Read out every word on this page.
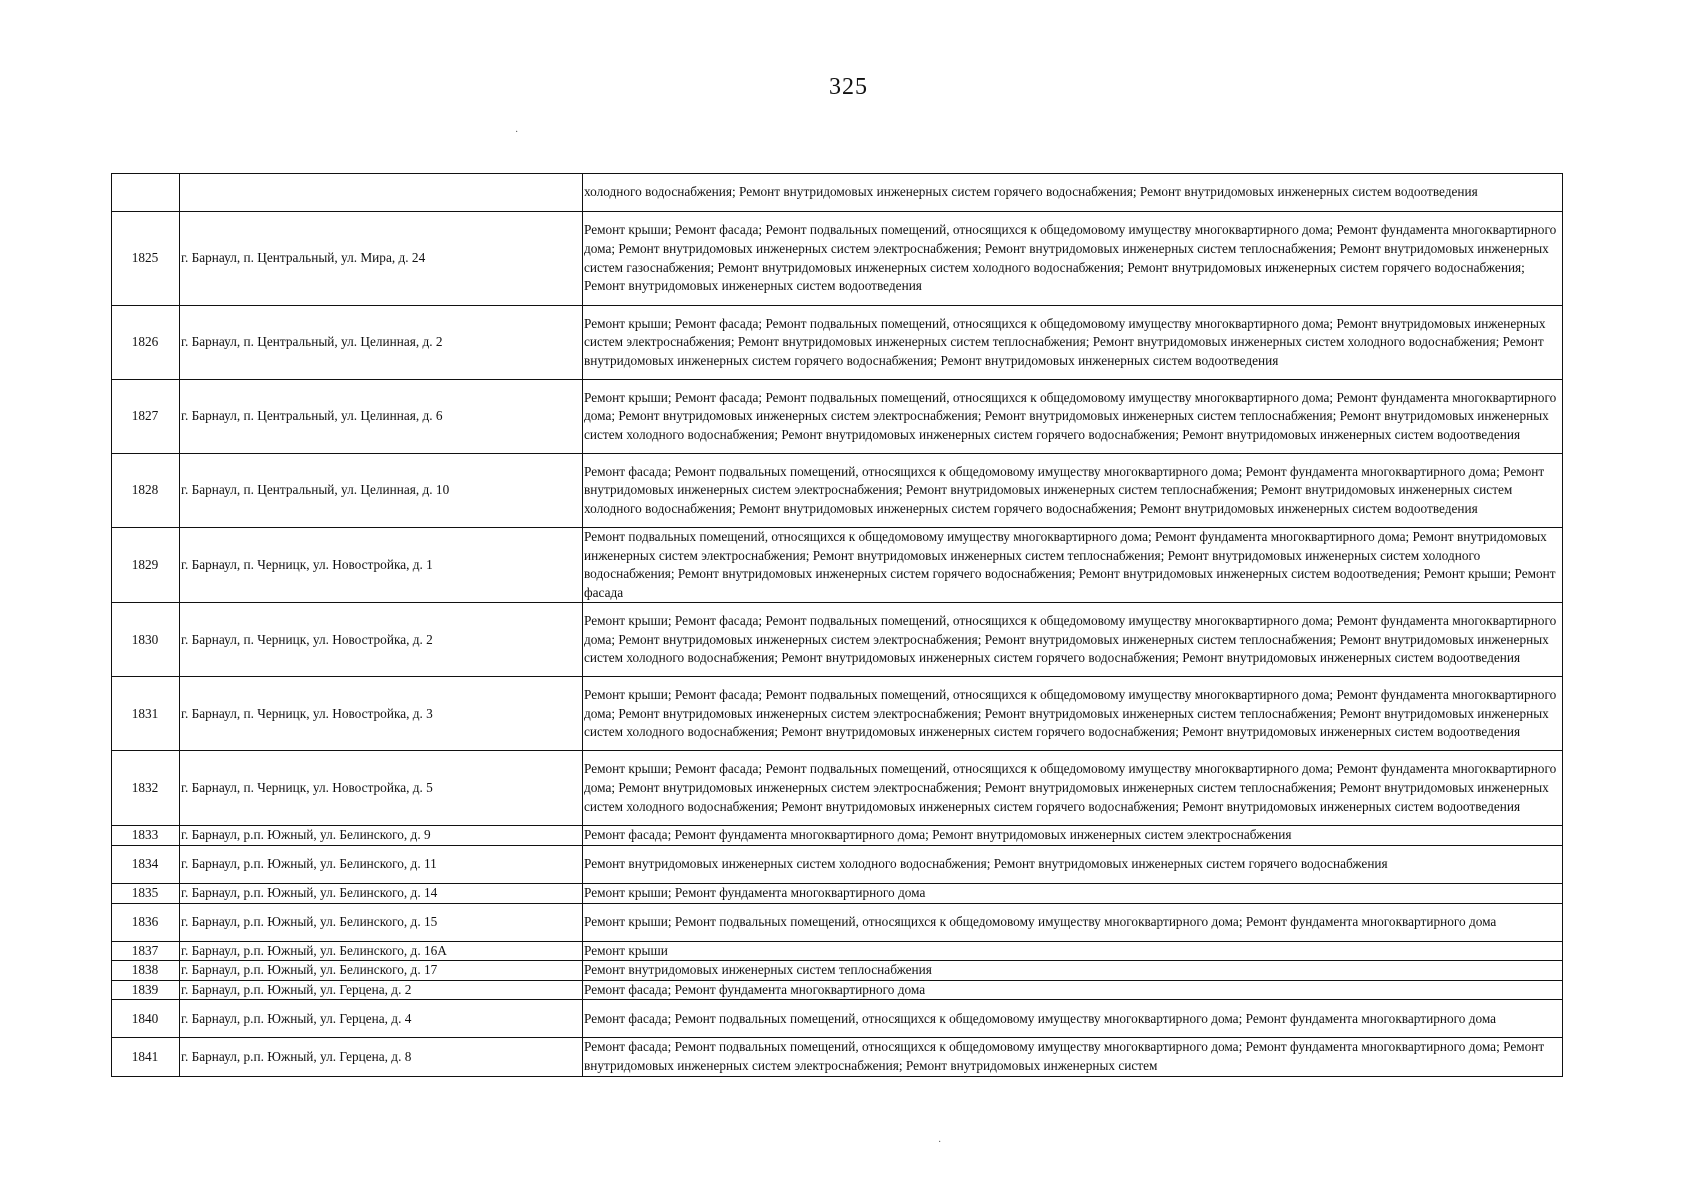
325
·
·
		холодного водоснабжения; Ремонт внутридомовых инженерных систем горячего водоснабжения; Ремонт внутридомовых инженерных систем водоотведения
1825	г. Барнаул, п. Центральный, ул. Мира, д. 24	Ремонт крыши; Ремонт фасада; Ремонт подвальных помещений, относящихся к общедомовому имуществу многоквартирного дома; Ремонт фундамента многоквартирного дома; Ремонт внутридомовых инженерных систем электроснабжения; Ремонт внутридомовых инженерных систем теплоснабжения; Ремонт внутридомовых инженерных систем газоснабжения; Ремонт внутридомовых инженерных систем холодного водоснабжения; Ремонт внутридомовых инженерных систем горячего водоснабжения; Ремонт внутридомовых инженерных систем водоотведения
1826	г. Барнаул, п. Центральный, ул. Целинная, д. 2	Ремонт крыши; Ремонт фасада; Ремонт подвальных помещений, относящихся к общедомовому имуществу многоквартирного дома; Ремонт внутридомовых инженерных систем электроснабжения; Ремонт внутридомовых инженерных систем теплоснабжения; Ремонт внутридомовых инженерных систем холодного водоснабжения; Ремонт внутридомовых инженерных систем горячего водоснабжения; Ремонт внутридомовых инженерных систем водоотведения
1827	г. Барнаул, п. Центральный, ул. Целинная, д. 6	Ремонт крыши; Ремонт фасада; Ремонт подвальных помещений, относящихся к общедомовому имуществу многоквартирного дома; Ремонт фундамента многоквартирного дома; Ремонт внутридомовых инженерных систем электроснабжения; Ремонт внутридомовых инженерных систем теплоснабжения; Ремонт внутридомовых инженерных систем холодного водоснабжения; Ремонт внутридомовых инженерных систем горячего водоснабжения; Ремонт внутридомовых инженерных систем водоотведения
1828	г. Барнаул, п. Центральный, ул. Целинная, д. 10	Ремонт фасада; Ремонт подвальных помещений, относящихся к общедомовому имуществу многоквартирного дома; Ремонт фундамента многоквартирного дома; Ремонт внутридомовых инженерных систем электроснабжения; Ремонт внутридомовых инженерных систем теплоснабжения; Ремонт внутридомовых инженерных систем холодного водоснабжения; Ремонт внутридомовых инженерных систем горячего водоснабжения; Ремонт внутридомовых инженерных систем водоотведения
1829	г. Барнаул, п. Черницк, ул. Новостройка, д. 1	Ремонт подвальных помещений, относящихся к общедомовому имуществу многоквартирного дома; Ремонт фундамента многоквартирного дома; Ремонт внутридомовых инженерных систем электроснабжения; Ремонт внутридомовых инженерных систем теплоснабжения; Ремонт внутридомовых инженерных систем холодного водоснабжения; Ремонт внутридомовых инженерных систем горячего водоснабжения; Ремонт внутридомовых инженерных систем водоотведения; Ремонт крыши; Ремонт фасада
1830	г. Барнаул, п. Черницк, ул. Новостройка, д. 2	Ремонт крыши; Ремонт фасада; Ремонт подвальных помещений, относящихся к общедомовому имуществу многоквартирного дома; Ремонт фундамента многоквартирного дома; Ремонт внутридомовых инженерных систем электроснабжения; Ремонт внутридомовых инженерных систем теплоснабжения; Ремонт внутридомовых инженерных систем холодного водоснабжения; Ремонт внутридомовых инженерных систем горячего водоснабжения; Ремонт внутридомовых инженерных систем водоотведения
1831	г. Барнаул, п. Черницк, ул. Новостройка, д. 3	Ремонт крыши; Ремонт фасада; Ремонт подвальных помещений, относящихся к общедомовому имуществу многоквартирного дома; Ремонт фундамента многоквартирного дома; Ремонт внутридомовых инженерных систем электроснабжения; Ремонт внутридомовых инженерных систем теплоснабжения; Ремонт внутридомовых инженерных систем холодного водоснабжения; Ремонт внутридомовых инженерных систем горячего водоснабжения; Ремонт внутридомовых инженерных систем водоотведения
1832	г. Барнаул, п. Черницк, ул. Новостройка, д. 5	Ремонт крыши; Ремонт фасада; Ремонт подвальных помещений, относящихся к общедомовому имуществу многоквартирного дома; Ремонт фундамента многоквартирного дома; Ремонт внутридомовых инженерных систем электроснабжения; Ремонт внутридомовых инженерных систем теплоснабжения; Ремонт внутридомовых инженерных систем холодного водоснабжения; Ремонт внутридомовых инженерных систем горячего водоснабжения; Ремонт внутридомовых инженерных систем водоотведения
1833	г. Барнаул, р.п. Южный, ул. Белинского, д. 9	Ремонт фасада; Ремонт фундамента многоквартирного дома; Ремонт внутридомовых инженерных систем электроснабжения
1834	г. Барнаул, р.п. Южный, ул. Белинского, д. 11	Ремонт внутридомовых инженерных систем холодного водоснабжения; Ремонт внутридомовых инженерных систем горячего водоснабжения
1835	г. Барнаул, р.п. Южный, ул. Белинского, д. 14	Ремонт крыши; Ремонт фундамента многоквартирного дома
1836	г. Барнаул, р.п. Южный, ул. Белинского, д. 15	Ремонт крыши; Ремонт подвальных помещений, относящихся к общедомовому имуществу многоквартирного дома; Ремонт фундамента многоквартирного дома
1837	г. Барнаул, р.п. Южный, ул. Белинского, д. 16А	Ремонт крыши
1838	г. Барнаул, р.п. Южный, ул. Белинского, д. 17	Ремонт внутридомовых инженерных систем теплоснабжения
1839	г. Барнаул, р.п. Южный, ул. Герцена, д. 2	Ремонт фасада; Ремонт фундамента многоквартирного дома
1840	г. Барнаул, р.п. Южный, ул. Герцена, д. 4	Ремонт фасада; Ремонт подвальных помещений, относящихся к общедомовому имуществу многоквартирного дома; Ремонт фундамента многоквартирного дома
1841	г. Барнаул, р.п. Южный, ул. Герцена, д. 8	Ремонт фасада; Ремонт подвальных помещений, относящихся к общедомовому имуществу многоквартирного дома; Ремонт фундамента многоквартирного дома; Ремонт внутридомовых инженерных систем электроснабжения; Ремонт внутридомовых инженерных систем
